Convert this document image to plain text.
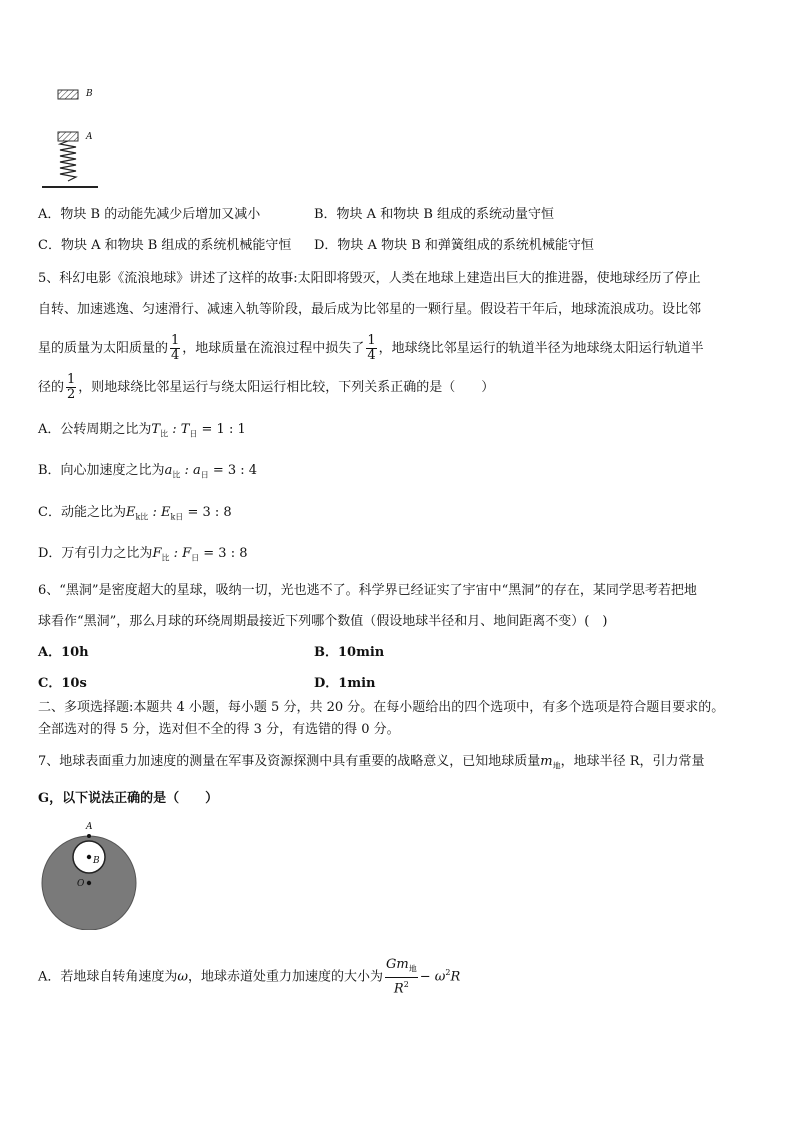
B
A
A．物块 B 的动能先减少后增加又减小	B．物块 A 和物块 B 组成的系统动量守恒
C．物块 A 和物块 B 组成的系统机械能守恒 D．物块 A 物块 B 和弹簧组成的系统机械能守恒
5、科幻电影《流浪地球》讲述了这样的故事:太阳即将毁灭，人类在地球上建造出巨大的推进器，使地球经历了停止
自转、加速逃逸、匀速滑行、减速入轨等阶段，最后成为比邻星的一颗行星。假设若干年后，地球流浪成功。设比邻
星的质量为太阳质量的 $\frac{1}{4}$ ，地球质量在流浪过程中损失了 $\frac{1}{4}$ ，地球绕比邻星运行的轨道半径为地球绕太阳运行轨道半
径的 $\frac{1}{2}$ ，则地球绕比邻星运行与绕太阳运行相比较，下列关系正确的是（　　）
A．公转周期之比为$T_比$ : $T_日 = 1$ : 1
B．向心加速度之比为$a_比$ : $a_日 = 3$ : 4
C．动能之比为$E_{k比}$ : $E_{k日} = 3$ : 8
D．万有引力之比为$F_比$ : $F_日 = 3$ : 8
6、“黑洞”是密度超大的星球，吸纳一切，光也逃不了。科学界已经证实了宇宙中“黑洞”的存在，某同学思考若把地
球看作“黑洞”，那么月球的环绕周期最接近下列哪个数值（假设地球半径和月、地间距离不变）(　)
A．10h	B．10min
C．10s	D．1min
二、多项选择题:本题共 4 小题，每小题 5 分，共 20 分。在每小题给出的四个选项中，有多个选项是符合题目要求的。
全部选对的得 5 分，选对但不全的得 3 分，有选错的得 0 分。
7、地球表面重力加速度的测量在军事及资源探测中具有重要的战略意义，已知地球质量$m_地$，地球半径 R，引力常量
G，以下说法正确的是（　　）
A
B
O
A．若地球自转角速度为ω，地球赤道处重力加速度的大小为 $\frac{Gm_地}{R^2} - \omega^2R$
